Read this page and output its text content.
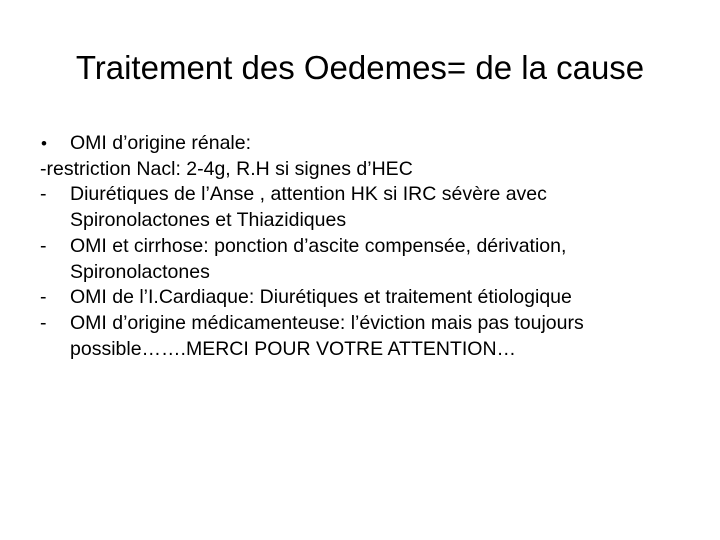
Traitement des Oedemes= de la cause
• OMI d’origine rénale:
-restriction Nacl: 2-4g, R.H si signes d’HEC
- Diurétiques de l’Anse , attention HK si IRC sévère avec
Spironolactones et Thiazidiques
- OMI et cirrhose: ponction d’ascite compensée, dérivation,
Spironolactones
- OMI de l’I.Cardiaque: Diurétiques et traitement étiologique
- OMI d’origine médicamenteuse: l’éviction mais pas toujours
possible…….MERCI POUR VOTRE ATTENTION…
